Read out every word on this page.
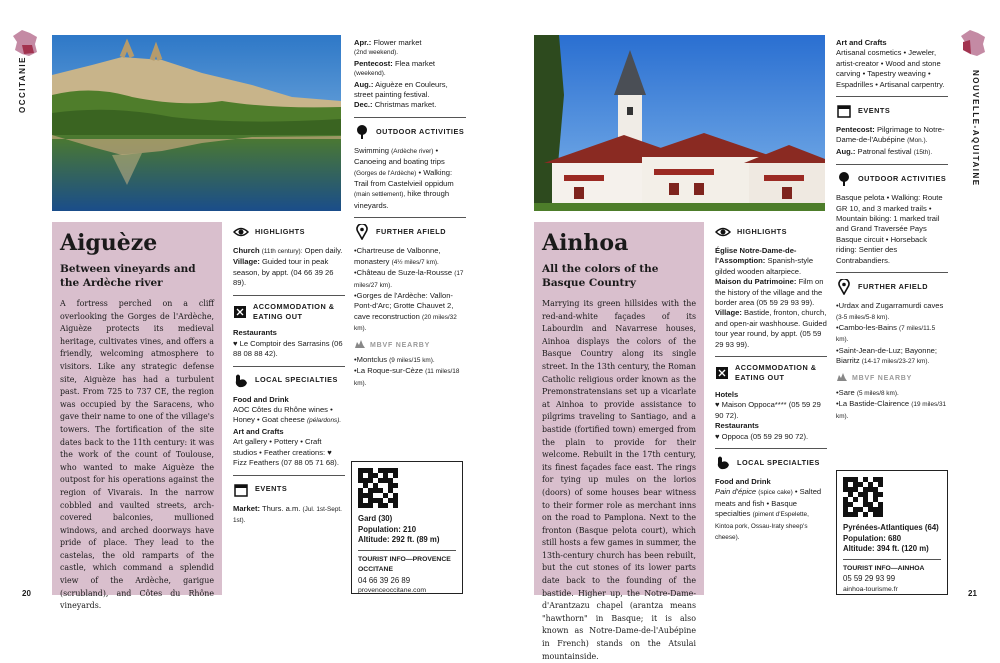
OCCITANIE
Aiguèze
Between vineyards and the Ardèche river
A fortress perched on a cliff overlooking the Gorges de l'Ardèche, Aiguèze protects its medieval heritage, cultivates vines, and offers a friendly, welcoming atmosphere to visitors. Like any strategic defense site, Aiguèze has had a turbulent past. From 725 to 737 CE, the region was occupied by the Saracens, who gave their name to one of the village's towers. The fortification of the site dates back to the 11th century: it was the work of the count of Toulouse, who wanted to make Aiguèze the outpost for his operations against the region of Vivarais. In the narrow cobbled and vaulted streets, arch-covered balconies, mullioned windows, and arched doorways have pride of place. They lead to the castelas, the old ramparts of the castle, which command a splendid view of the Ardèche, garigue (scrubland), and Côtes du Rhône vineyards.
HIGHLIGHTS
Church (11th century): Open daily.
Village: Guided tour in peak season, by appt. (04 66 39 26 89).
ACCOMMODATION & EATING OUT
Restaurants
♥ Le Comptoir des Sarrasins (06 88 08 88 42).
LOCAL SPECIALTIES
Food and Drink
AOC Côtes du Rhône wines • Honey • Goat cheese (pélardons).
Art and Crafts
Art gallery • Pottery • Craft studios • Feather creations: ♥ Fizz Feathers (07 88 05 71 68).
EVENTS
Market: Thurs. a.m. (Jul. 1st-Sept. 1st).
Apr.: Flower market
(2nd weekend).
Pentecost: Flea market
(weekend).
Aug.: Aiguèze en Couleurs, street painting festival.
Dec.: Christmas market.
OUTDOOR ACTIVITIES
Swimming (Ardèche river) • Canoeing and boating trips (Gorges de l'Ardèche) • Walking: Trail from Castelvieil oppidum (main settlement), hike through vineyards.
FURTHER AFIELD
•Chartreuse de Valbonne, monastery (4½ miles/7 km).
•Château de Suze-la-Rousse (17 miles/27 km).
•Gorges de l'Ardèche: Vallon-Pont-d'Arc; Grotte Chauvet 2, cave reconstruction (20 miles/32 km).
MBVF NEARBY
•Montclus (9 miles/15 km).
•La Roque-sur-Cèze (11 miles/18 km).
Gard (30)
Population: 210
Altitude: 292 ft. (89 m)
TOURIST INFO—PROVENCE OCCITANE
04 66 39 26 89
provenceoccitane.com
20
Ainhoa
All the colors of the Basque Country
Marrying its green hillsides with the red-and-white façades of its Labourdin and Navarrese houses, Ainhoa displays the colors of the Basque Country along its single street. In the 13th century, the Roman Catholic religious order known as the Premonstratensians set up a vicarlate at Ainhoa to provide assistance to pilgrims traveling to Santiago, and a bastide (fortified town) emerged from the plain to provide for their welcome. Rebuilt in the 17th century, its finest façades face east. The rings for tying up mules on the lorios (doors) of some houses bear witness to their former role as merchant inns on the road to Pamplona. Next to the fronton (Basque pelota court), which still hosts a few games in summer, the 13th-century church has been rebuilt, but the cut stones of its lower parts date back to the founding of the bastide. Higher up, the Notre-Dame-d'Arantzazu chapel (arantza means "hawthorn" in Basque; it is also known as Notre-Dame-de-l'Aubépine in French) stands on the Atsulai mountainside.
HIGHLIGHTS
Église Notre-Dame-de-l'Assomption: Spanish-style gilded wooden altarpiece.
Maison du Patrimoine: Film on the history of the village and the border area (05 59 29 93 99).
Village: Bastide, fronton, church, and open-air washhouse. Guided tour year round, by appt. (05 59 29 93 99).
ACCOMMODATION & EATING OUT
Hotels
♥ Maison Oppoca**** (05 59 29 90 72).
Restaurants
♥ Oppoca (05 59 29 90 72).
LOCAL SPECIALTIES
Food and Drink
Pain d'épice (spice cake) • Salted meats and fish • Basque specialties (piment d'Espelette, Kintoa pork, Ossau-Iraty sheep's cheese).
Art and Crafts
Artisanal cosmetics • Jeweler, artist-creator • Wood and stone carving • Tapestry weaving • Espadrilles • Artisanal carpentry.
EVENTS
Pentecost: Pilgrimage to Notre-Dame-de-l'Aubépine (Mon.).
Aug.: Patronal festival (15th).
OUTDOOR ACTIVITIES
Basque pelota • Walking: Route GR 10, and 3 marked trails • Mountain biking: 1 marked trail and Grand Traversée Pays Basque circuit • Horseback riding: Sentier des Contrabandiers.
FURTHER AFIELD
•Urdax and Zugarramurdi caves (3-5 miles/5-8 km).
•Cambo-les-Bains (7 miles/11.5 km).
•Saint-Jean-de-Luz; Bayonne; Biarritz (14-17 miles/23-27 km).
MBVF NEARBY
•Sare (5 miles/8 km).
•La Bastide-Clairence (19 miles/31 km).
Pyrénées-Atlantiques (64)
Population: 680
Altitude: 394 ft. (120 m)
TOURIST INFO—AINHOA
05 59 29 93 99
ainhoa-tourisme.fr
NOUVELLE-AQUITAINE
21
